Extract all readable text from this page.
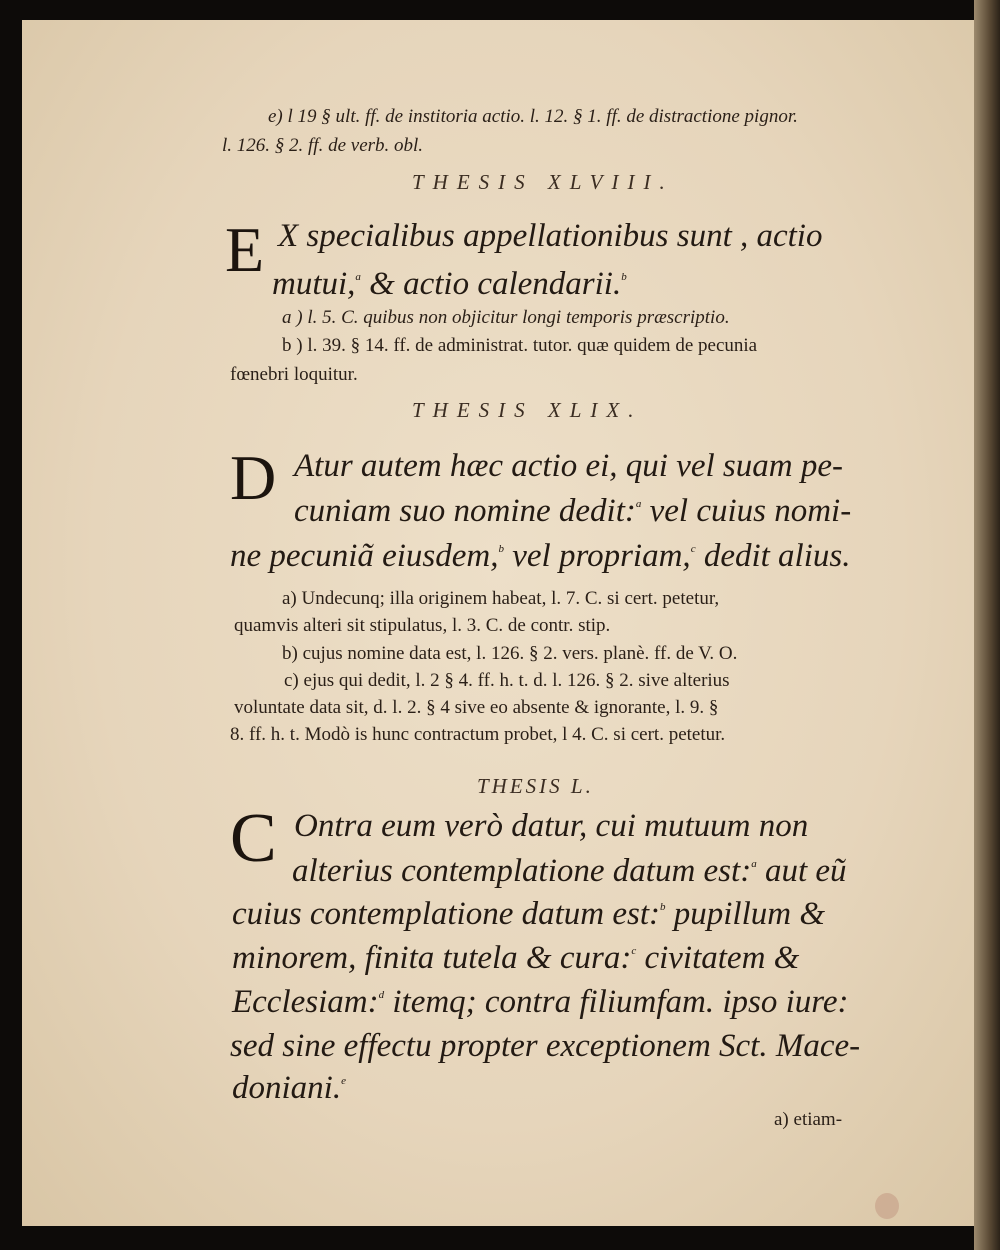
e) l 19 § ult. ff. de institoria actio. l. 12. § 1. ff. de distractione pignor.
l. 126. § 2. ff. de verb. obl.
THESIS XLVIII.
E X specialibus appellationibus sunt , actio
mutui,$^a$ & actio calendarii.$^b$
a ) l. 5. C. quibus non objicitur longi temporis præscriptio.
b ) l. 39. § 14. ff. de administrat. tutor. quæ quidem de pecunia
fœnebri loquitur.
THESIS XLIX.
D Atur autem hæc actio ei, qui vel suam pe-
cuniam suo nomine dedit:$^a$ vel cuius nomi-
ne pecuniã eiusdem,$^b$ vel propriam,$^c$ dedit alius.
a) Undecunq; illa originem habeat, l. 7. C. si cert. petetur,
quamvis alteri sit stipulatus, l. 3. C. de contr. stip.
b) cujus nomine data est, l. 126. § 2. vers. planè. ff. de V. O.
c) ejus qui dedit, l. 2 § 4. ff. h. t. d. l. 126. § 2. sive alterius
voluntate data sit, d. l. 2. § 4 sive eo absente & ignorante, l. 9. §
8. ff. h. t. Modò is hunc contractum probet, l 4. C. si cert. petetur.
THESIS L.
C Ontra eum verò datur, cui mutuum non
alterius contemplatione datum est:$^a$ aut eũ
cuius contemplatione datum est:$^b$ pupillum &
minorem, finita tutela & cura:$^c$ civitatem &
Ecclesiam:$^d$ itemq; contra filiumfam. ipso iure:
sed sine effectu propter exceptionem Sct. Mace-
doniani.$^e$
a) etiam-
